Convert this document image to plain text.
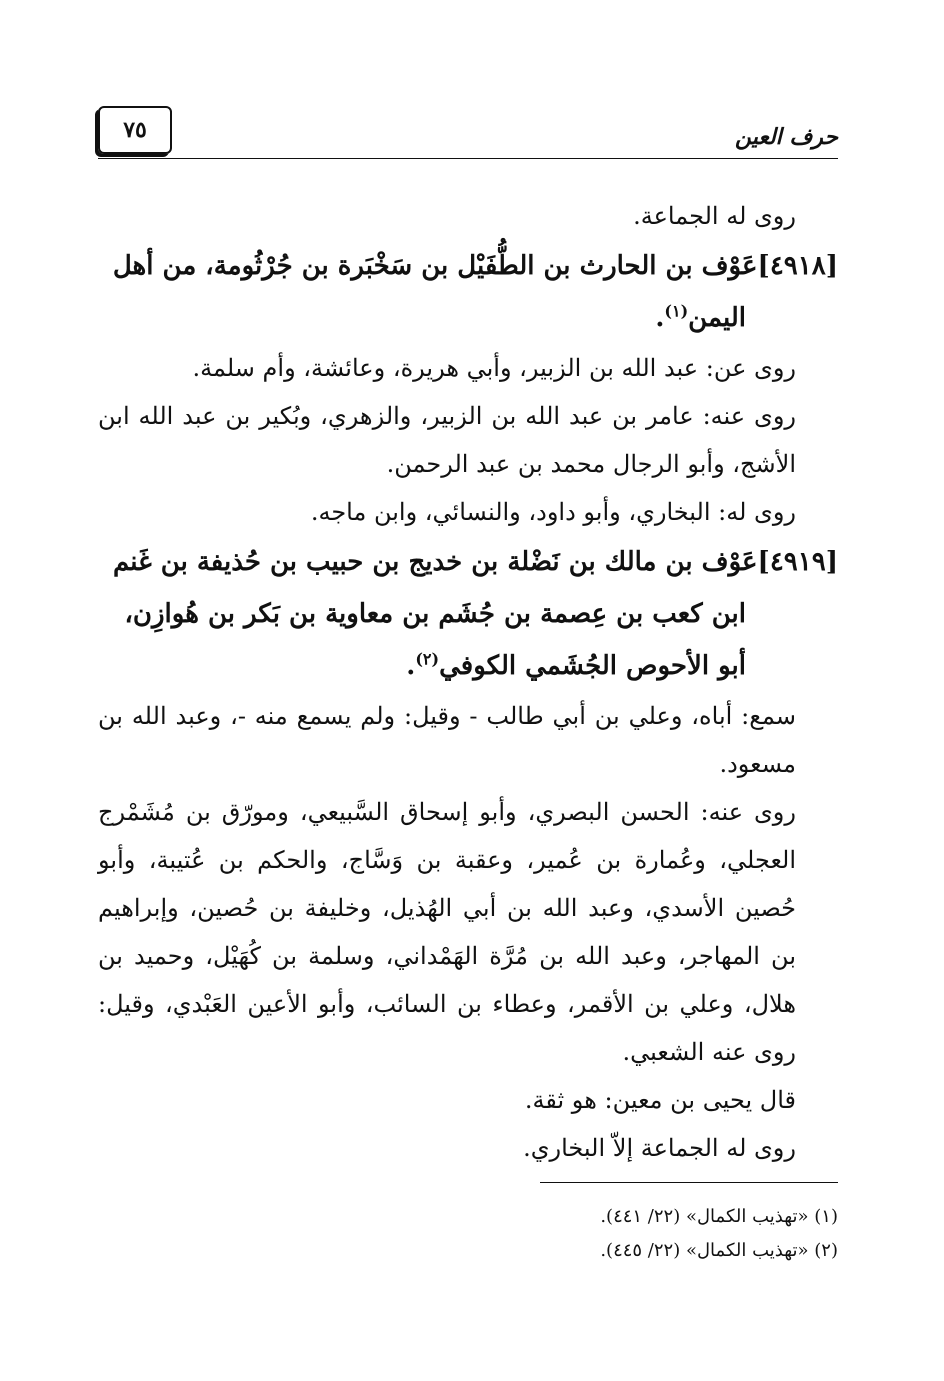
٧٥	حرف العين

روى له الجماعة.

[٤٩١٨]عَوْف بن الحارث بن الطُّفَيْل بن سَخْبَرة بن جُرْثُومة، من أهل

اليمن$^{(١)}$.

روى عن: عبد الله بن الزبير، وأبي هريرة، وعائشة، وأم سلمة.

روى عنه: عامر بن عبد الله بن الزبير، والزهري، وبُكير بن عبد الله ابن الأشج، وأبو الرجال محمد بن عبد الرحمن.

روى له: البخاري، وأبو داود، والنسائي، وابن ماجه.

[٤٩١٩]عَوْف بن مالك بن نَضْلة بن خديج بن حبيب بن حُذيفة بن غَنم

ابن كعب بن عِصمة بن جُشَم بن معاوية بن بَكر بن هُوازِن،

أبو الأحوص الجُشَمي الكوفي$^{(٢)}$.

سمع: أباه، وعلي بن أبي طالب - وقيل: ولم يسمع منه -، وعبد الله بن مسعود.

روى عنه: الحسن البصري، وأبو إسحاق السَّبيعي، ومورّق بن مُشَمْرج العجلي، وعُمارة بن عُمير، وعقبة بن وَسَّاج، والحكم بن عُتيبة، وأبو حُصين الأسدي، وعبد الله بن أبي الهُذيل، وخليفة بن حُصين، وإبراهيم بن المهاجر، وعبد الله بن مُرَّة الهَمْداني، وسلمة بن كُهَيْل، وحميد بن هلال، وعلي بن الأقمر، وعطاء بن السائب، وأبو الأعين العَبْدي، وقيل: روى عنه الشعبي.

قال يحيى بن معين: هو ثقة.

روى له الجماعة إلاّ البخاري.

(١) «تهذيب الكمال» (٢٢/ ٤٤١).

(٢) «تهذيب الكمال» (٢٢/ ٤٤٥).
